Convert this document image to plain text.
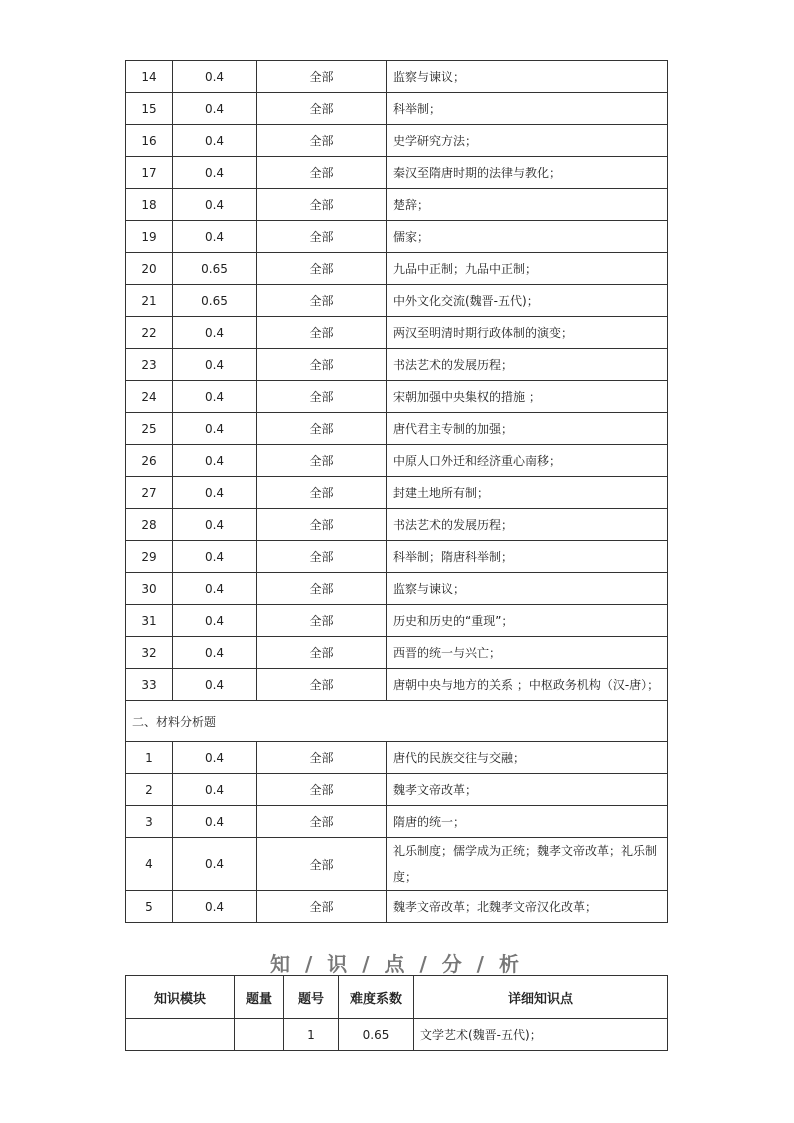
14	0.4	全部	监察与谏议；
15	0.4	全部	科举制；
16	0.4	全部	史学研究方法；
17	0.4	全部	秦汉至隋唐时期的法律与教化；
18	0.4	全部	楚辞；
19	0.4	全部	儒家；
20	0.65	全部	九品中正制；九品中正制；
21	0.65	全部	中外文化交流(魏晋-五代)；
22	0.4	全部	两汉至明清时期行政体制的演变；
23	0.4	全部	书法艺术的发展历程；
24	0.4	全部	宋朝加强中央集权的措施 ；
25	0.4	全部	唐代君主专制的加强；
26	0.4	全部	中原人口外迁和经济重心南移；
27	0.4	全部	封建土地所有制；
28	0.4	全部	书法艺术的发展历程；
29	0.4	全部	科举制；隋唐科举制；
30	0.4	全部	监察与谏议；
31	0.4	全部	历史和历史的“重现”；
32	0.4	全部	西晋的统一与兴亡；
33	0.4	全部	唐朝中央与地方的关系 ；中枢政务机构（汉-唐）；
二、材料分析题			
1	0.4	全部	唐代的民族交往与交融；
2	0.4	全部	魏孝文帝改革；
3	0.4	全部	隋唐的统一；
4	0.4	全部	礼乐制度；儒学成为正统；魏孝文帝改革；礼乐制度；
5	0.4	全部	魏孝文帝改革；北魏孝文帝汉化改革；
知 / 识 / 点 / 分 / 析
知识模块	题量	题号	难度系数	详细知识点
		1	0.65	文学艺术(魏晋-五代)；
